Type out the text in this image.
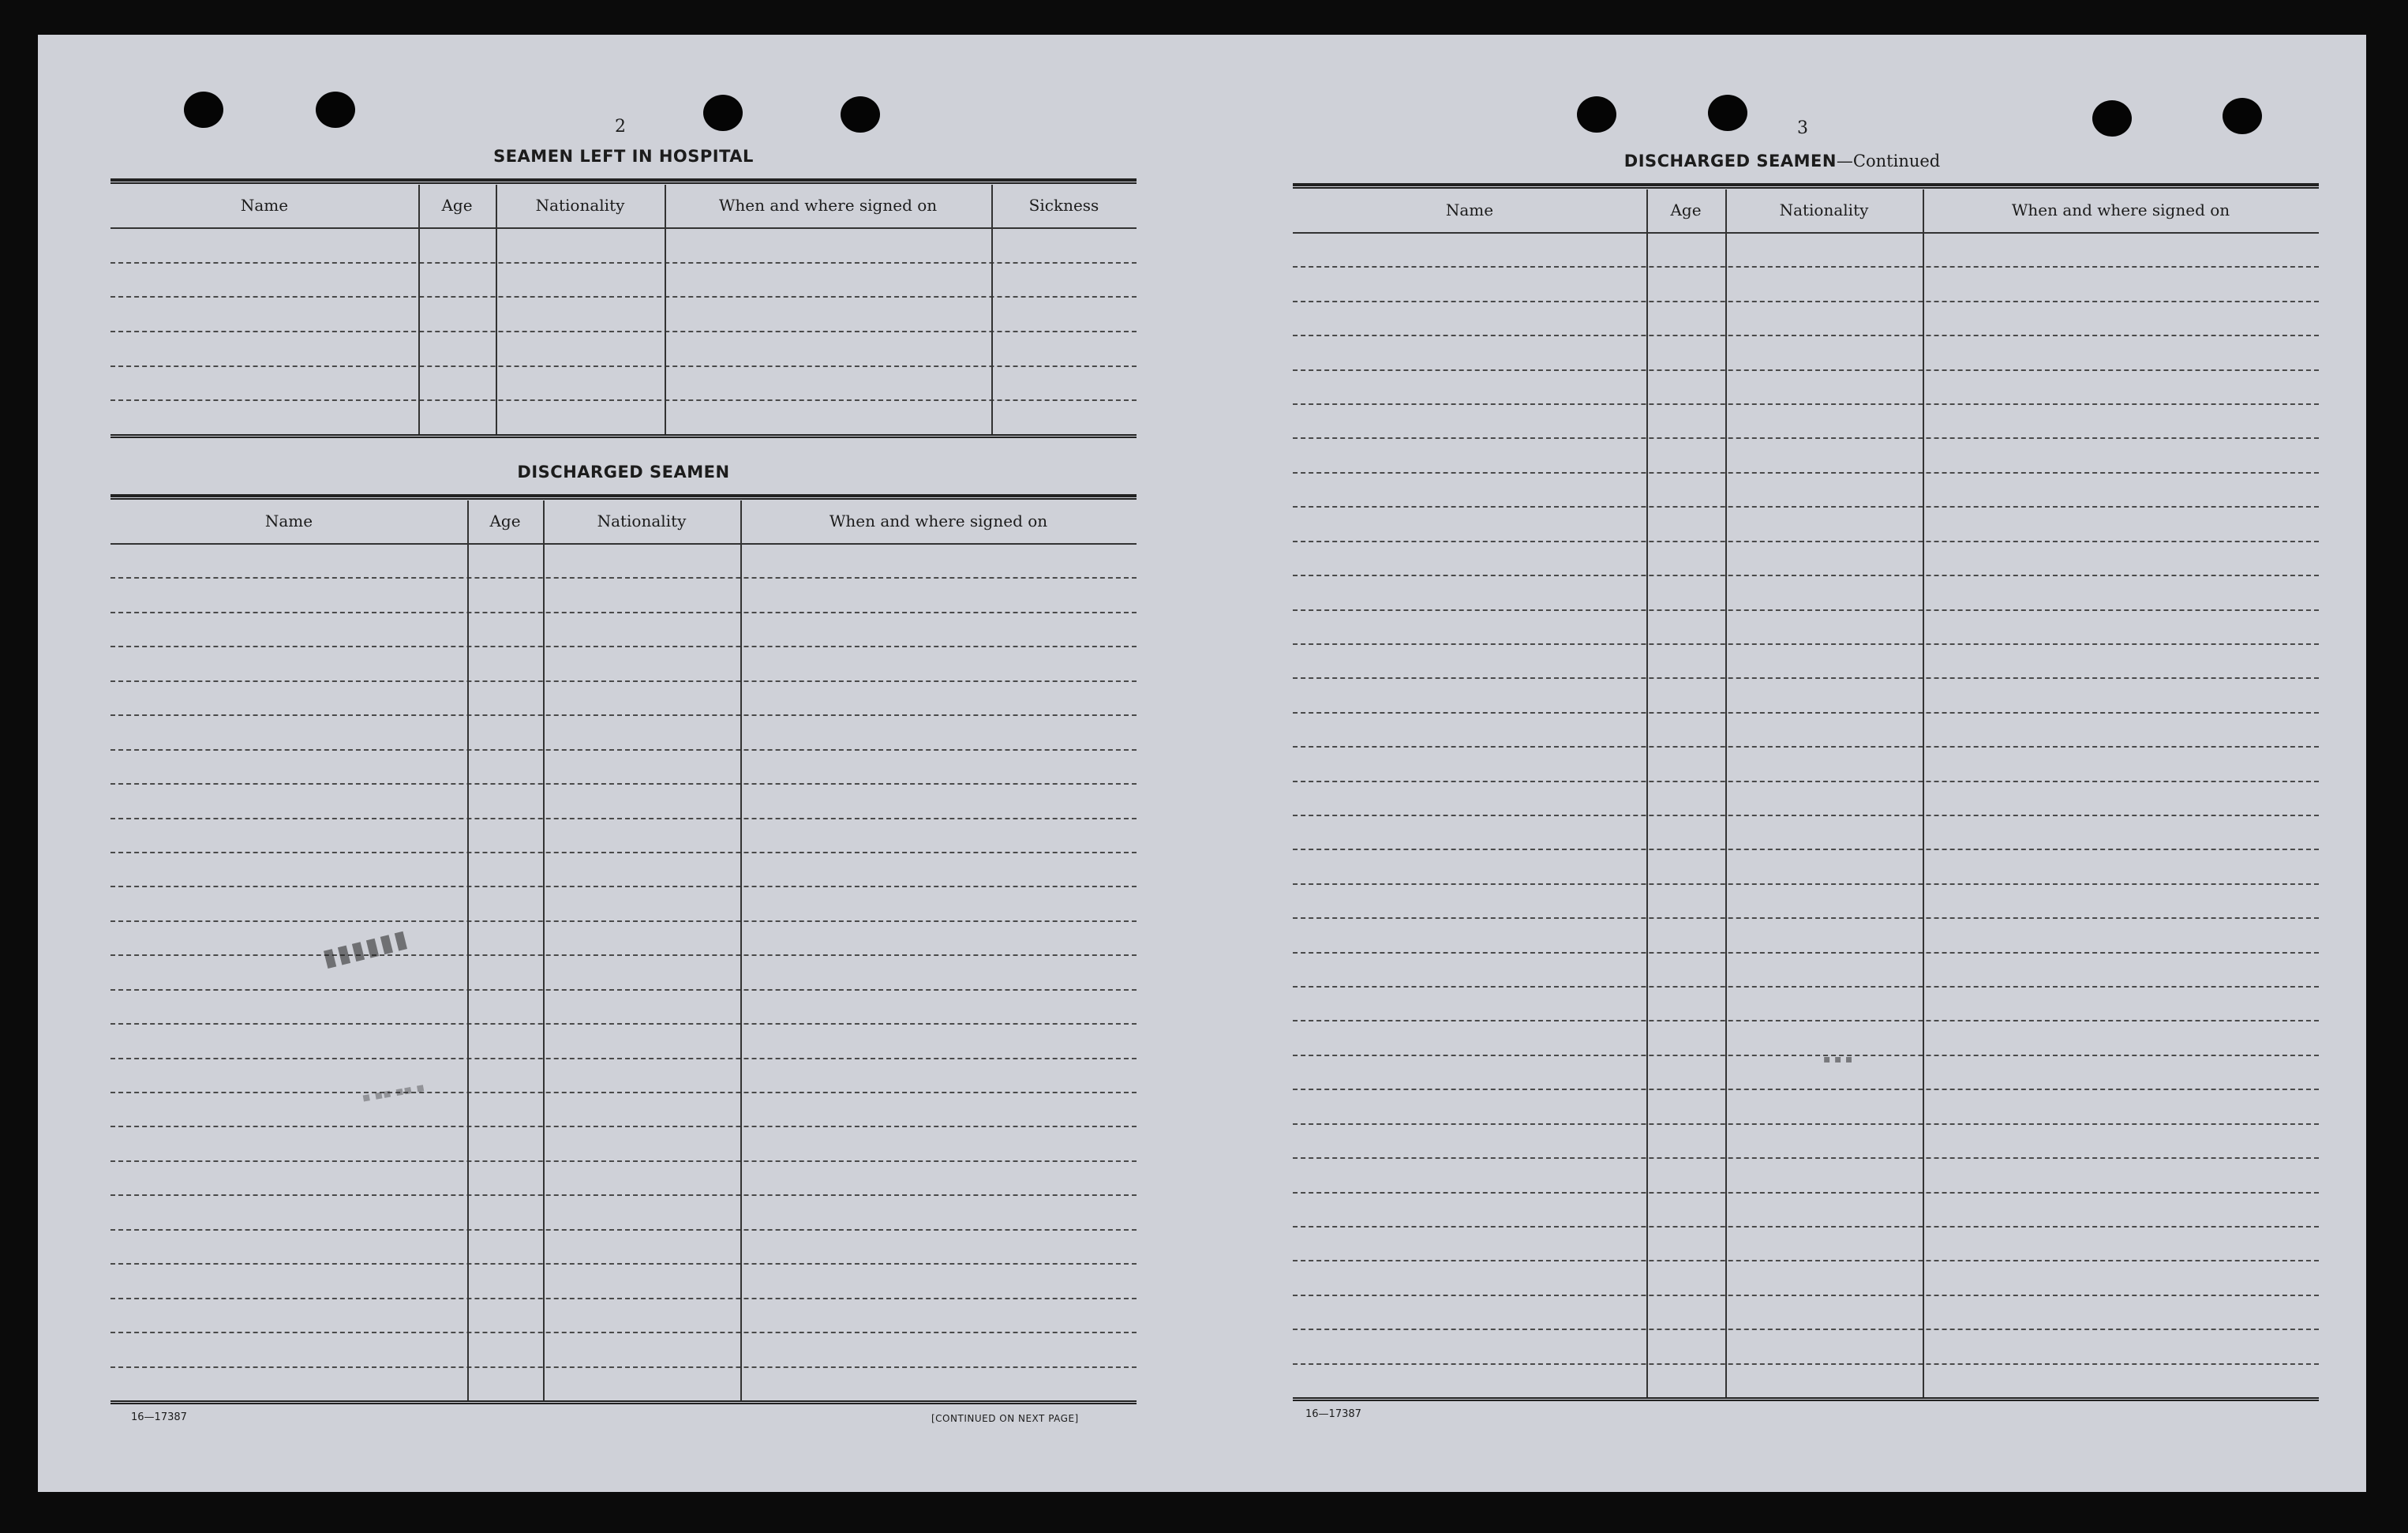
2
SEAMEN LEFT IN HOSPITAL
Name	Age	Nationality	When and where signed on	Sickness
DISCHARGED SEAMEN
Name	Age	Nationality	When and where signed on
16—17387	[CONTINUED ON NEXT PAGE]
▮▮▮▮▮▮
▪ ▪▪ ▪▪ ▪
3
DISCHARGED SEAMEN—Continued
Name	Age	Nationality	When and where signed on
16—17387
▪ ▪ ▪
